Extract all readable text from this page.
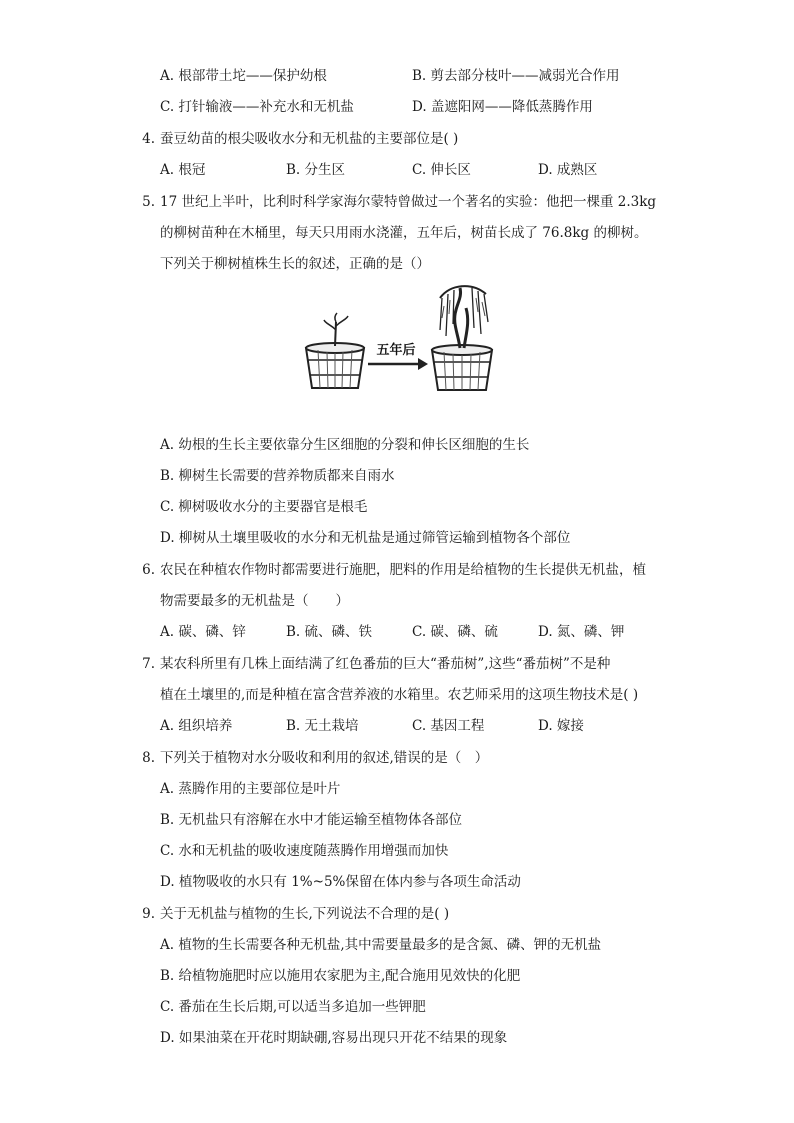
A. 根部带土坨——保护幼根	B. 剪去部分枝叶——减弱光合作用
C. 打针输液——补充水和无机盐	D. 盖遮阳网——降低蒸腾作用
4. 蚕豆幼苗的根尖吸收水分和无机盐的主要部位是( )
A. 根冠	B. 分生区	C. 伸长区	D. 成熟区
5. 17 世纪上半叶，比利时科学家海尔蒙特曾做过一个著名的实验：他把一棵重 2.3kg
的柳树苗种在木桶里，每天只用雨水浇灌，五年后，树苗长成了 76.8kg 的柳树。
下列关于柳树植株生长的叙述，正确的是（）
五年后
A. 幼根的生长主要依靠分生区细胞的分裂和伸长区细胞的生长
B. 柳树生长需要的营养物质都来自雨水
C. 柳树吸收水分的主要器官是根毛
D. 柳树从土壤里吸收的水分和无机盐是通过筛管运输到植物各个部位
6. 农民在种植农作物时都需要进行施肥，肥料的作用是给植物的生长提供无机盐，植
物需要最多的无机盐是（　　）
A. 碳、磷、锌	B. 硫、磷、铁	C. 碳、磷、硫	D. 氮、磷、钾
7. 某农科所里有几株上面结满了红色番茄的巨大“番茄树”,这些“番茄树”不是种
植在土壤里的,而是种植在富含营养液的水箱里。农艺师采用的这项生物技术是( )
A. 组织培养	B. 无土栽培	C. 基因工程	D. 嫁接
8. 下列关于植物对水分吸收和利用的叙述,错误的是（　）
A. 蒸腾作用的主要部位是叶片
B. 无机盐只有溶解在水中才能运输至植物体各部位
C. 水和无机盐的吸收速度随蒸腾作用增强而加快
D. 植物吸收的水只有 1%~5%保留在体内参与各项生命活动
9. 关于无机盐与植物的生长,下列说法不合理的是( )
A. 植物的生长需要各种无机盐,其中需要量最多的是含氮、磷、钾的无机盐
B. 给植物施肥时应以施用农家肥为主,配合施用见效快的化肥
C. 番茄在生长后期,可以适当多追加一些钾肥
D. 如果油菜在开花时期缺硼,容易出现只开花不结果的现象
